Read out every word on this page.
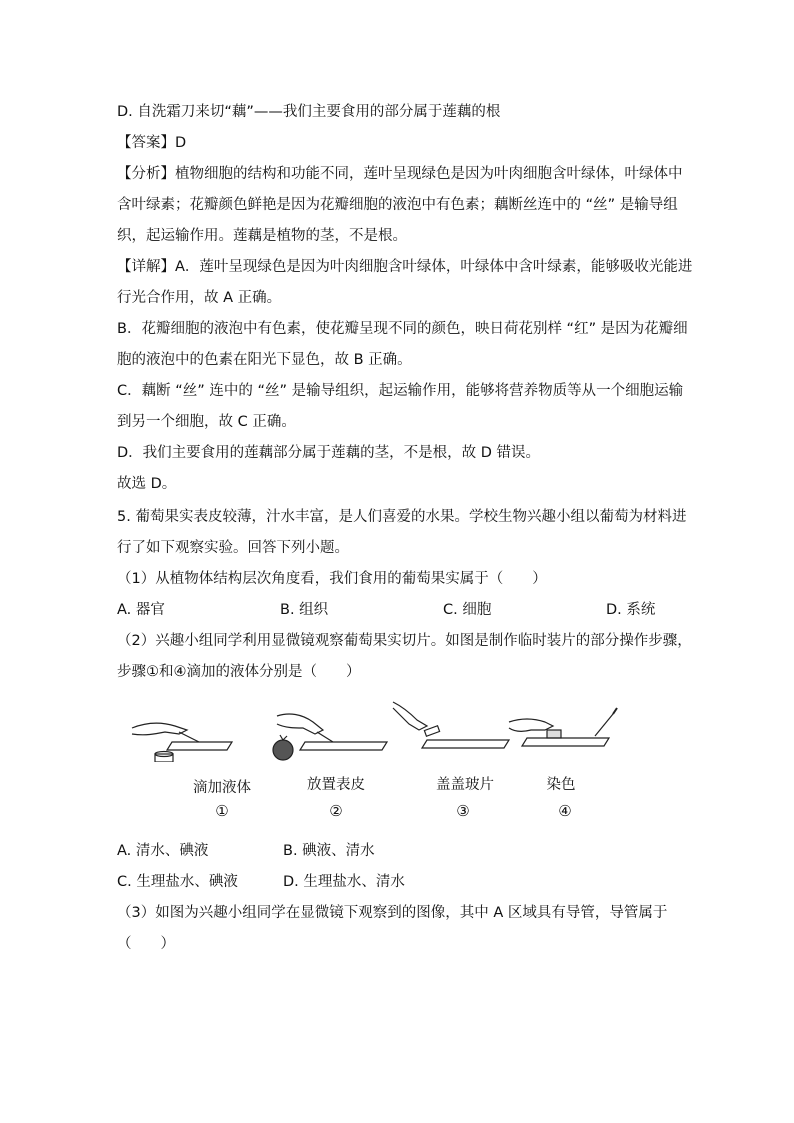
D. 自洗霜刀来切“藕”——我们主要食用的部分属于莲藕的根
【答案】D
【分析】植物细胞的结构和功能不同，莲叶呈现绿色是因为叶肉细胞含叶绿体，叶绿体中
含叶绿素；花瓣颜色鲜艳是因为花瓣细胞的液泡中有色素；藕断丝连中的 “丝” 是输导组
织，起运输作用。莲藕是植物的茎，不是根。
【详解】A．莲叶呈现绿色是因为叶肉细胞含叶绿体，叶绿体中含叶绿素，能够吸收光能进
行光合作用，故 A 正确。
B．花瓣细胞的液泡中有色素，使花瓣呈现不同的颜色，映日荷花别样 “红” 是因为花瓣细
胞的液泡中的色素在阳光下显色，故 B 正确。
C．藕断 “丝” 连中的 “丝” 是输导组织，起运输作用，能够将营养物质等从一个细胞运输
到另一个细胞，故 C 正确。
D．我们主要食用的莲藕部分属于莲藕的茎，不是根，故 D 错误。
故选 D。
5. 葡萄果实表皮较薄，汁水丰富，是人们喜爱的水果。学校生物兴趣小组以葡萄为材料进
行了如下观察实验。回答下列小题。
（1）从植物体结构层次角度看，我们食用的葡萄果实属于（　　）
A. 器官	B. 组织	C. 细胞	D. 系统
（2）兴趣小组同学利用显微镜观察葡萄果实切片。如图是制作临时装片的部分操作步骤，
步骤①和④滴加的液体分别是（　　）
滴加液体	放置表皮	盖盖玻片	染色
①	②	③	④
A. 清水、碘液	B. 碘液、清水
C. 生理盐水、碘液	D. 生理盐水、清水
（3）如图为兴趣小组同学在显微镜下观察到的图像，其中 A 区域具有导管，导管属于
（　　）
